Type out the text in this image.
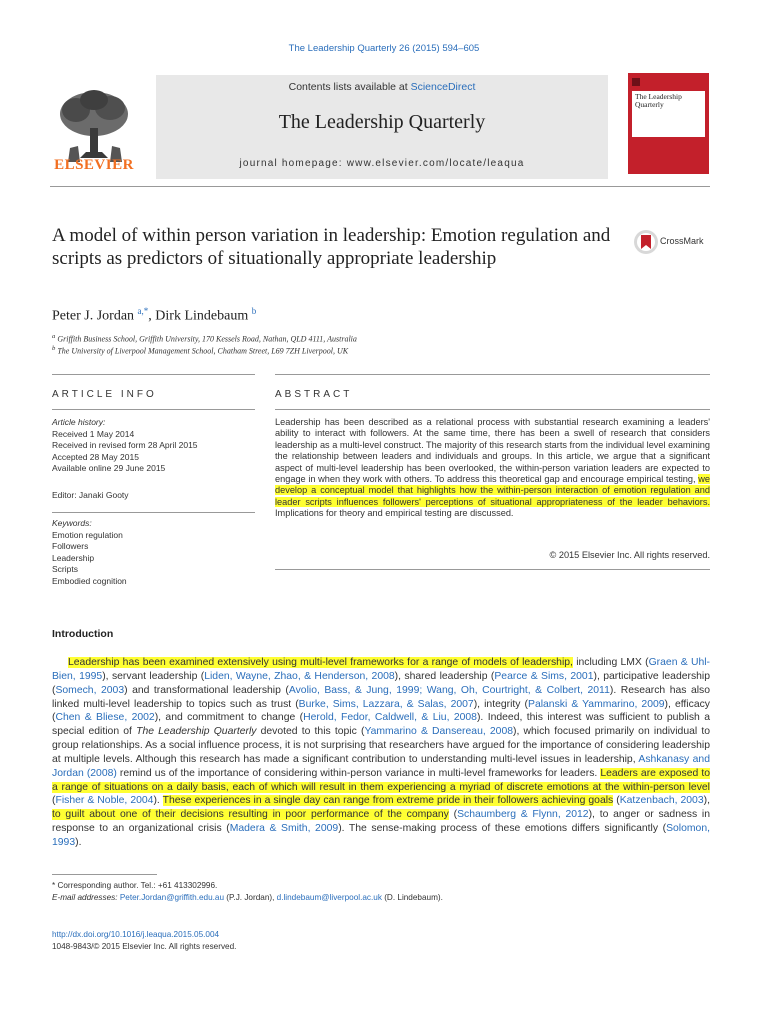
The Leadership Quarterly 26 (2015) 594–605
ELSEVIER
Contents lists available at ScienceDirect
The Leadership Quarterly
journal homepage: www.elsevier.com/locate/leaqua
The Leadership Quarterly
A model of within person variation in leadership: Emotion regulation and scripts as predictors of situationally appropriate leadership
CrossMark
Peter J. Jordan $^{a,*}$, Dirk Lindebaum $^b$
$^a$ Griffith Business School, Griffith University, 170 Kessels Road, Nathan, QLD 4111, Australia
$^b$ The University of Liverpool Management School, Chatham Street, L69 7ZH Liverpool, UK
ARTICLE INFO	ABSTRACT
Article history:
Received 1 May 2014
Received in revised form 28 April 2015
Accepted 28 May 2015
Available online 29 June 2015
Editor: Janaki Gooty
Keywords:
Emotion regulation
Followers
Leadership
Scripts
Embodied cognition
Leadership has been described as a relational process with substantial research examining a leaders' ability to interact with followers. At the same time, there has been a swell of research that considers leadership as a multi-level construct. The majority of this research starts from the individual level examining the relationship between leaders and individuals and groups. In this article, we argue that a significant aspect of multi-level leadership has been overlooked, the within-person variation leaders are expected to engage in when they work with others. To address this theoretical gap and encourage empirical testing, we develop a conceptual model that highlights how the within-person interaction of emotion regulation and leader scripts influences followers' perceptions of situational appropriateness of the leader behaviors. Implications for theory and empirical testing are discussed.
© 2015 Elsevier Inc. All rights reserved.
Introduction
Leadership has been examined extensively using multi-level frameworks for a range of models of leadership, including LMX (Graen & Uhl-Bien, 1995), servant leadership (Liden, Wayne, Zhao, & Henderson, 2008), shared leadership (Pearce & Sims, 2001), participative leadership (Somech, 2003) and transformational leadership (Avolio, Bass, & Jung, 1999; Wang, Oh, Courtright, & Colbert, 2011). Research has also linked multi-level leadership to topics such as trust (Burke, Sims, Lazzara, & Salas, 2007), integrity (Palanski & Yammarino, 2009), efficacy (Chen & Bliese, 2002), and commitment to change (Herold, Fedor, Caldwell, & Liu, 2008). Indeed, this interest was sufficient to publish a special edition of The Leadership Quarterly devoted to this topic (Yammarino & Dansereau, 2008), which focused primarily on individual to group relationships. As a social influence process, it is not surprising that researchers have argued for the importance of considering leadership at multiple levels. Although this research has made a significant contribution to understanding multi-level issues in leadership, Ashkanasy and Jordan (2008) remind us of the importance of considering within-person variance in multi-level frameworks for leaders. Leaders are exposed to a range of situations on a daily basis, each of which will result in them experiencing a myriad of discrete emotions at the within-person level (Fisher & Noble, 2004). These experiences in a single day can range from extreme pride in their followers achieving goals (Katzenbach, 2003), to guilt about one of their decisions resulting in poor performance of the company (Schaumberg & Flynn, 2012), to anger or sadness in response to an organizational crisis (Madera & Smith, 2009). The sense-making process of these emotions differs significantly (Solomon, 1993).
* Corresponding author. Tel.: +61 413302996.
E-mail addresses: Peter.Jordan@griffith.edu.au (P.J. Jordan), d.lindebaum@liverpool.ac.uk (D. Lindebaum).
http://dx.doi.org/10.1016/j.leaqua.2015.05.004
1048-9843/© 2015 Elsevier Inc. All rights reserved.
